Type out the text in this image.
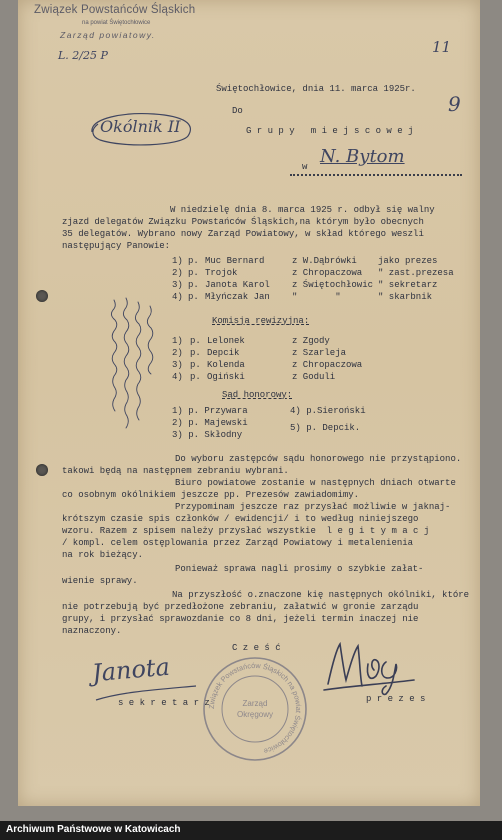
Związek Powstańców Śląskich
na powiat Świętochłowice
Zarząd powiatowy.
L. 2/25 P	11
9
Świętochłowice, dnia 11. marca 1925r.
Do
Okólnik II	G r u p y   m i e j s c o w e j
w N. Bytom
W niedzielę dnia 8. marca 1925 r. odbył się walny
zjazd delegatów Związku Powstańców Śląskich,na którym było obecnych
35 delegatów. Wybrano nowy Zarząd Powiatowy, w skład którego weszli
następujący Panowie:
1) p. Muc Bernard	z W.Dąbrówki jako prezes
2) p. Trojok	z Chropaczowa " zast.prezesa
3) p. Janota Karol z Świętochłowic " sekretarz
4) p. Młyńczak Jan "       "	" skarbnik
Komisja rewizyjna:
1) p. Lelonek	z Zgody
2) p. Depcik	z Szarleja
3) p. Kolenda	z Chropaczowa
4) p. Ogiński	z Goduli
Sąd honorowy:
1) p. Przywara
2) p. Majewski
3) p. Skłodny
4) p.Sieroński
5) p. Depcik.
Do wyboru zastępców sądu honorowego nie przystąpiono.
takowi będą na następnem zebraniu wybrani.
Biuro powiatowe zostanie w następnych dniach otwarte
co osobnym okólnikiem jeszcze pp. Prezesów zawiadomimy.
Przypominam jeszcze raz przysłać możliwie w jaknaj-
krótszym czasie spis członków / ewidencji/ i to według niniejszego
wzoru. Razem z spisem należy przysłać wszystkie  l e g i t y m a c j
/ kompl. celem ostęplowania przez Zarząd Powiatowy i metalenienia
na rok bieżący.
Ponieważ sprawa nagli prosimy o szybkie załat-
wienie sprawy.
Na przyszłość o.znaczone kię następnych okólniki, które
nie potrzebują być przedłożone zebraniu, załatwić w gronie zarządu
grupy, i przysłać sprawozdanie co 8 dni, jeżeli termin inaczej nie
naznaczony.
C z e ś ć
Janota
s e k r e t a r z	p r e z e s
Związek Powstańców Śląskich na powiat Świętochłowice
Zarząd
Okręgowy
Archiwum Państwowe w Katowicach
